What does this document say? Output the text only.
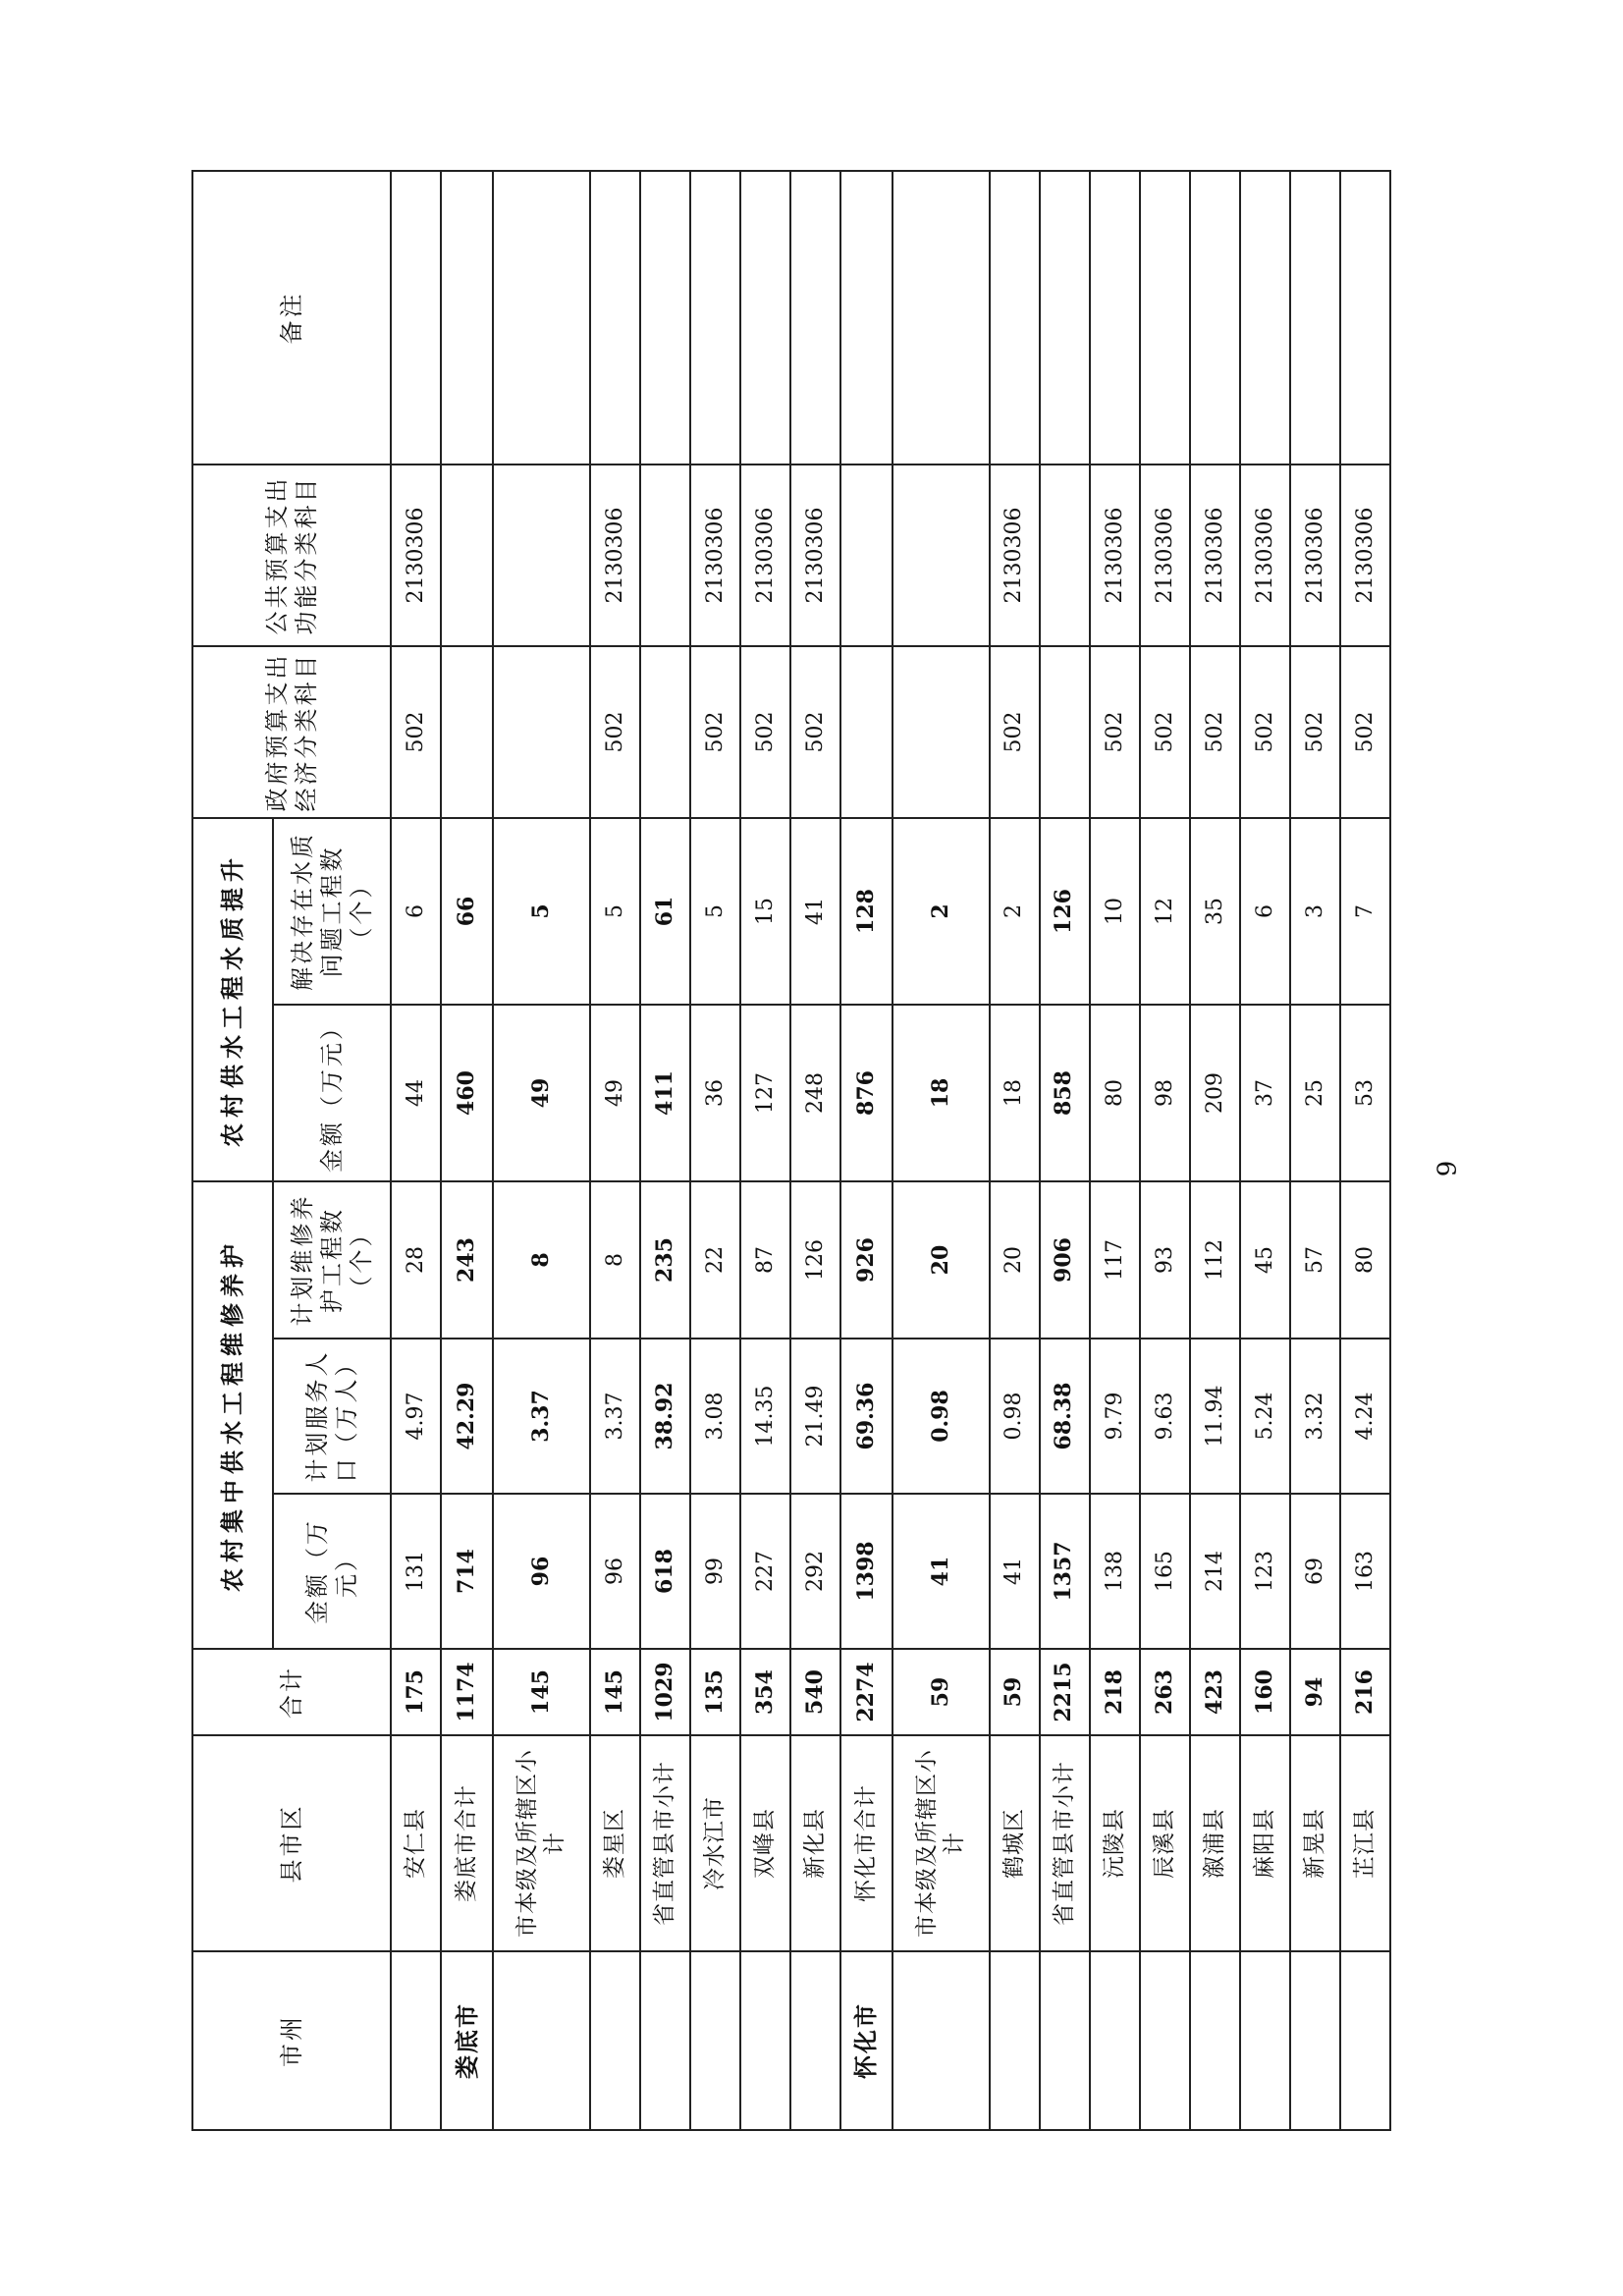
市州	县市区	合计	农村集中供水工程维修养护			农村供水工程水质提升		政府预算支出经济分类科目	公共预算支出功能分类科目	备注
			金额（万元）	计划服务人口（万人）	计划维修养护工程数（个）	金额（万元）	解决存在水质问题工程数（个）			
	安仁县	175	131	4.97	28	44	6	502	2130306	
娄底市	娄底市合计	1174	714	42.29	243	460	66			
	市本级及所辖区小计	145	96	3.37	8	49	5			
	娄星区	145	96	3.37	8	49	5	502	2130306	
	省直管县市小计	1029	618	38.92	235	411	61			
	冷水江市	135	99	3.08	22	36	5	502	2130306	
	双峰县	354	227	14.35	87	127	15	502	2130306	
	新化县	540	292	21.49	126	248	41	502	2130306	
怀化市	怀化市合计	2274	1398	69.36	926	876	128			
	市本级及所辖区小计	59	41	0.98	20	18	2			
	鹤城区	59	41	0.98	20	18	2	502	2130306	
	省直管县市小计	2215	1357	68.38	906	858	126			
	沅陵县	218	138	9.79	117	80	10	502	2130306	
	辰溪县	263	165	9.63	93	98	12	502	2130306	
	溆浦县	423	214	11.94	112	209	35	502	2130306	
	麻阳县	160	123	5.24	45	37	6	502	2130306	
	新晃县	94	69	3.32	57	25	3	502	2130306	
	芷江县	216	163	4.24	80	53	7	502	2130306	
9
